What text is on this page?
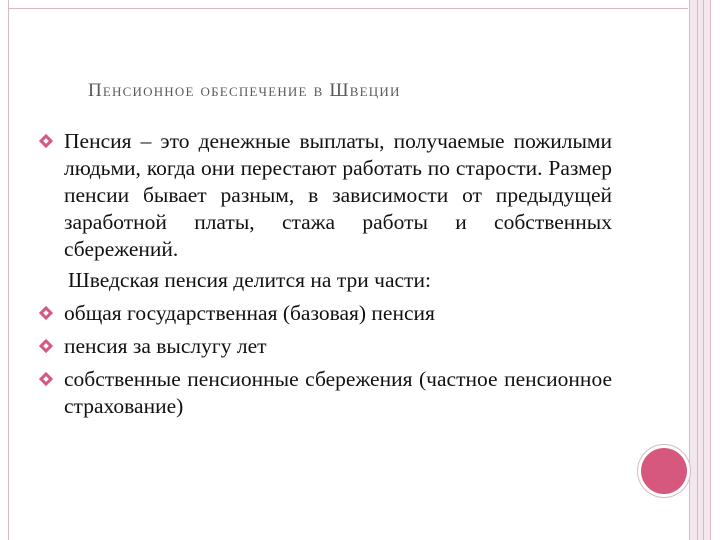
Пенсионное обеспечение в Швеции
Пенсия – это денежные выплаты, получаемые пожилыми людьми, когда они перестают работать по старости. Размер пенсии бывает разным, в зависимости от предыдущей заработной платы, стажа работы и собственных сбережений.
Шведская пенсия делится на три части:
общая государственная (базовая) пенсия
пенсия за выслугу лет
собственные пенсионные сбережения (частное пенсионное страхование)
